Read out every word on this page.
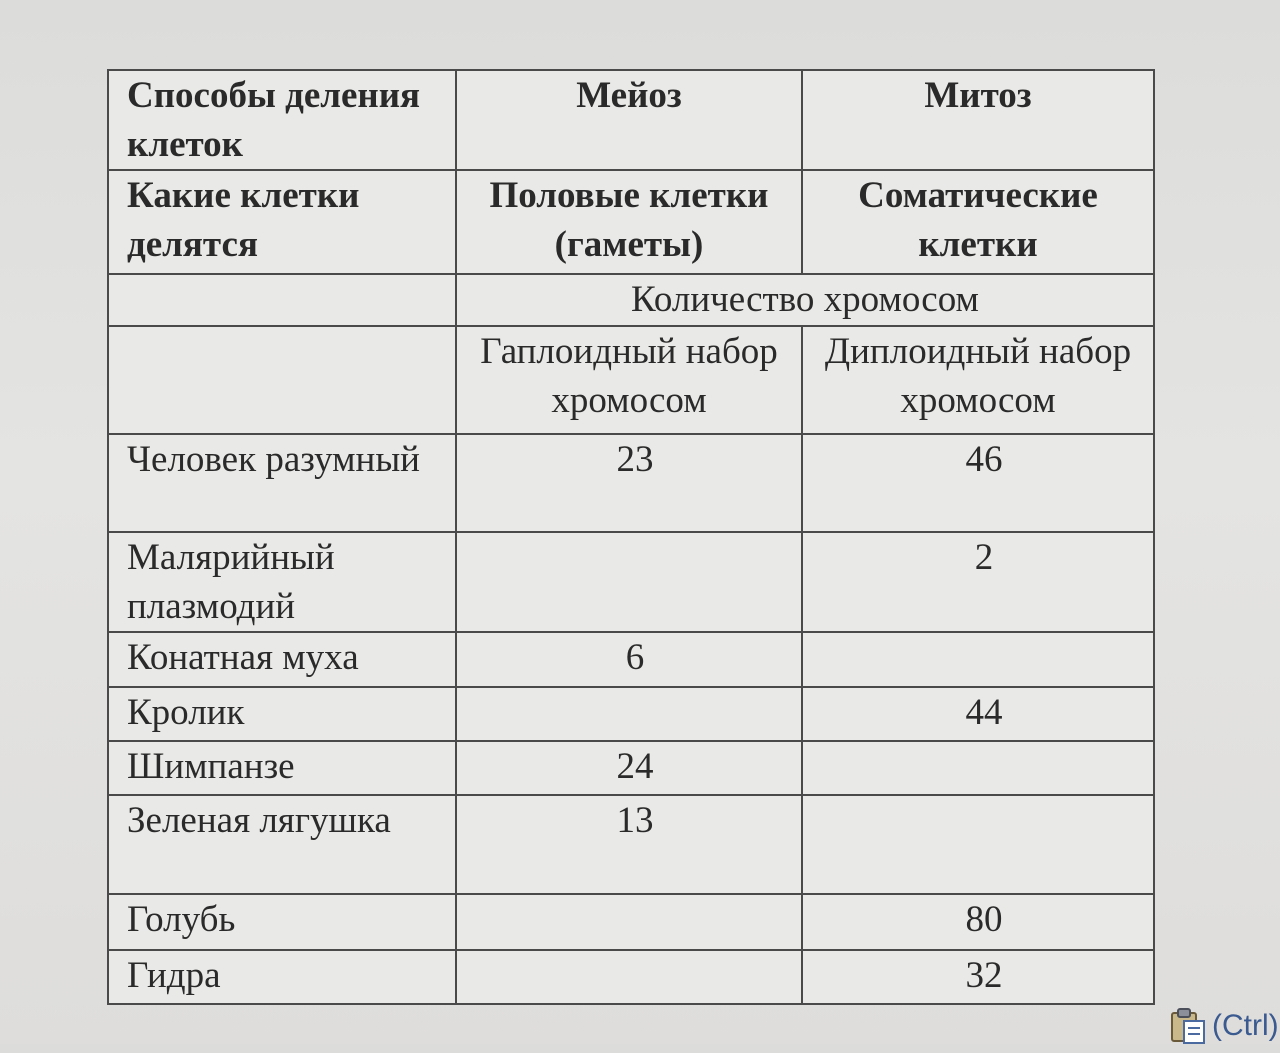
Способы деления клеток	Мейоз	Митоз
Какие клетки делятся	Половые клетки (гаметы)	Соматические клетки
	Количество хромосом	
	Гаплоидный набор хромосом	Диплоидный набор хромосом
Человек разумный	23	46
Малярийный плазмодий		2
Конатная муха	6	
Кролик		44
Шимпанзе	24	
Зеленая лягушка	13	
Голубь		80
Гидра		32
(Ctrl)
